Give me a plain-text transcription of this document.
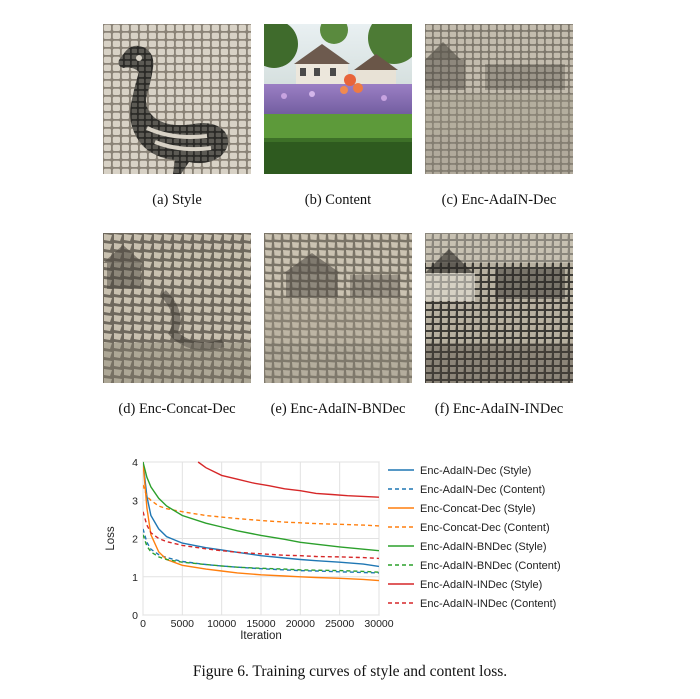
(a) Style	(b) Content	(c) Enc-AdaIN-Dec
(d) Enc-Concat-Dec	(e) Enc-AdaIN-BNDec	(f) Enc-AdaIN-INDec
0 5000 10000 15000 20000 25000 30000
0
1
2
3
4
Iteration
Loss
Enc-AdaIN-Dec (Style)
Enc-AdaIN-Dec (Content)
Enc-Concat-Dec (Style)
Enc-Concat-Dec (Content)
Enc-AdaIN-BNDec (Style)
Enc-AdaIN-BNDec (Content)
Enc-AdaIN-INDec (Style)
Enc-AdaIN-INDec (Content)
Figure 6. Training curves of style and content loss.
